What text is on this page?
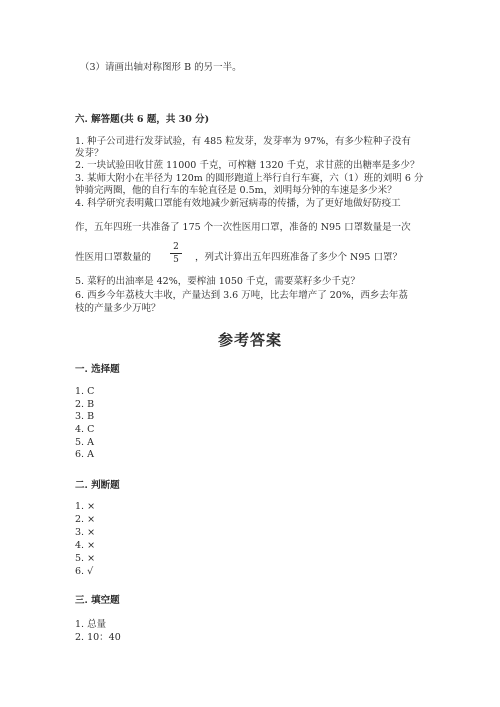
（3）请画出轴对称图形 B 的另一半。
六. 解答题(共 6 题，共 30 分)
1. 种子公司进行发芽试验，有 485 粒发芽，发芽率为 97%，有多少粒种子没有
发芽？
2. 一块试验田收甘蔗 11000 千克，可榨糖 1320 千克，求甘蔗的出糖率是多少？
3. 某师大附小在半径为 120m 的圆形跑道上举行自行车赛，六（1）班的刘明 6 分
钟骑完两圈，他的自行车的车轮直径是 0.5m，刘明每分钟的车速是多少米？
4. 科学研究表明戴口罩能有效地减少新冠病毒的传播，为了更好地做好防疫工
作，五年四班一共准备了 175 个一次性医用口罩，准备的 N95 口罩数量是一次
性医用口罩数量的
2
5	，列式计算出五年四班准备了多少个 N95 口罩？
5. 菜籽的出油率是 42%，要榨油 1050 千克，需要菜籽多少千克？
6. 西乡今年荔枝大丰收，产量达到 3.6 万吨，比去年增产了 20%，西乡去年荔
枝的产量多少万吨？
参考答案
一. 选择题
1. C
2. B
3. B
4. C
5. A
6. A
二. 判断题
1. ×
2. ×
3. ×
4. ×
5. ×
6. √
三. 填空题
1. 总量
2. 10：40
